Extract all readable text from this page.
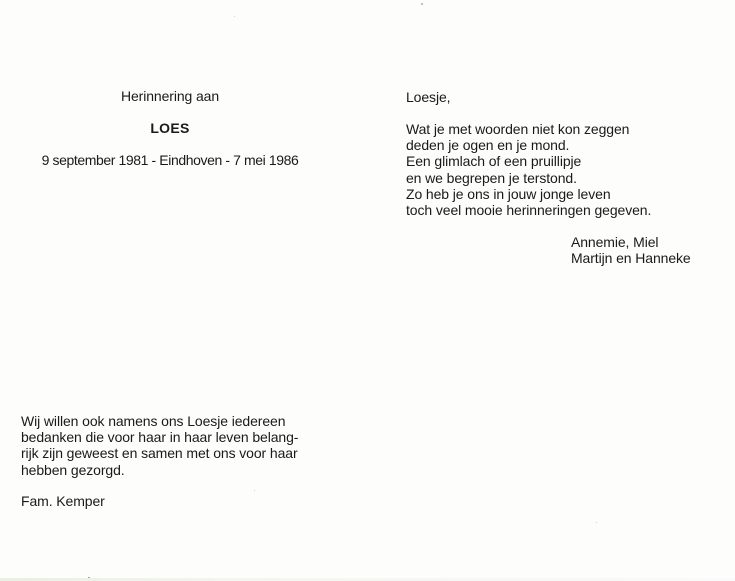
Herinnering aan
LOES
9 september 1981 - Eindhoven - 7 mei 1986
Wij willen ook namens ons Loesje iedereen
bedanken die voor haar in haar leven belang-
rijk zijn geweest en samen met ons voor haar
hebben gezorgd.
Fam. Kemper
Loesje,
Wat je met woorden niet kon zeggen
deden je ogen en je mond.
Een glimlach of een pruillipje
en we begrepen je terstond.
Zo heb je ons in jouw jonge leven
toch veel mooie herinneringen gegeven.
Annemie, Miel
Martijn en Hanneke
